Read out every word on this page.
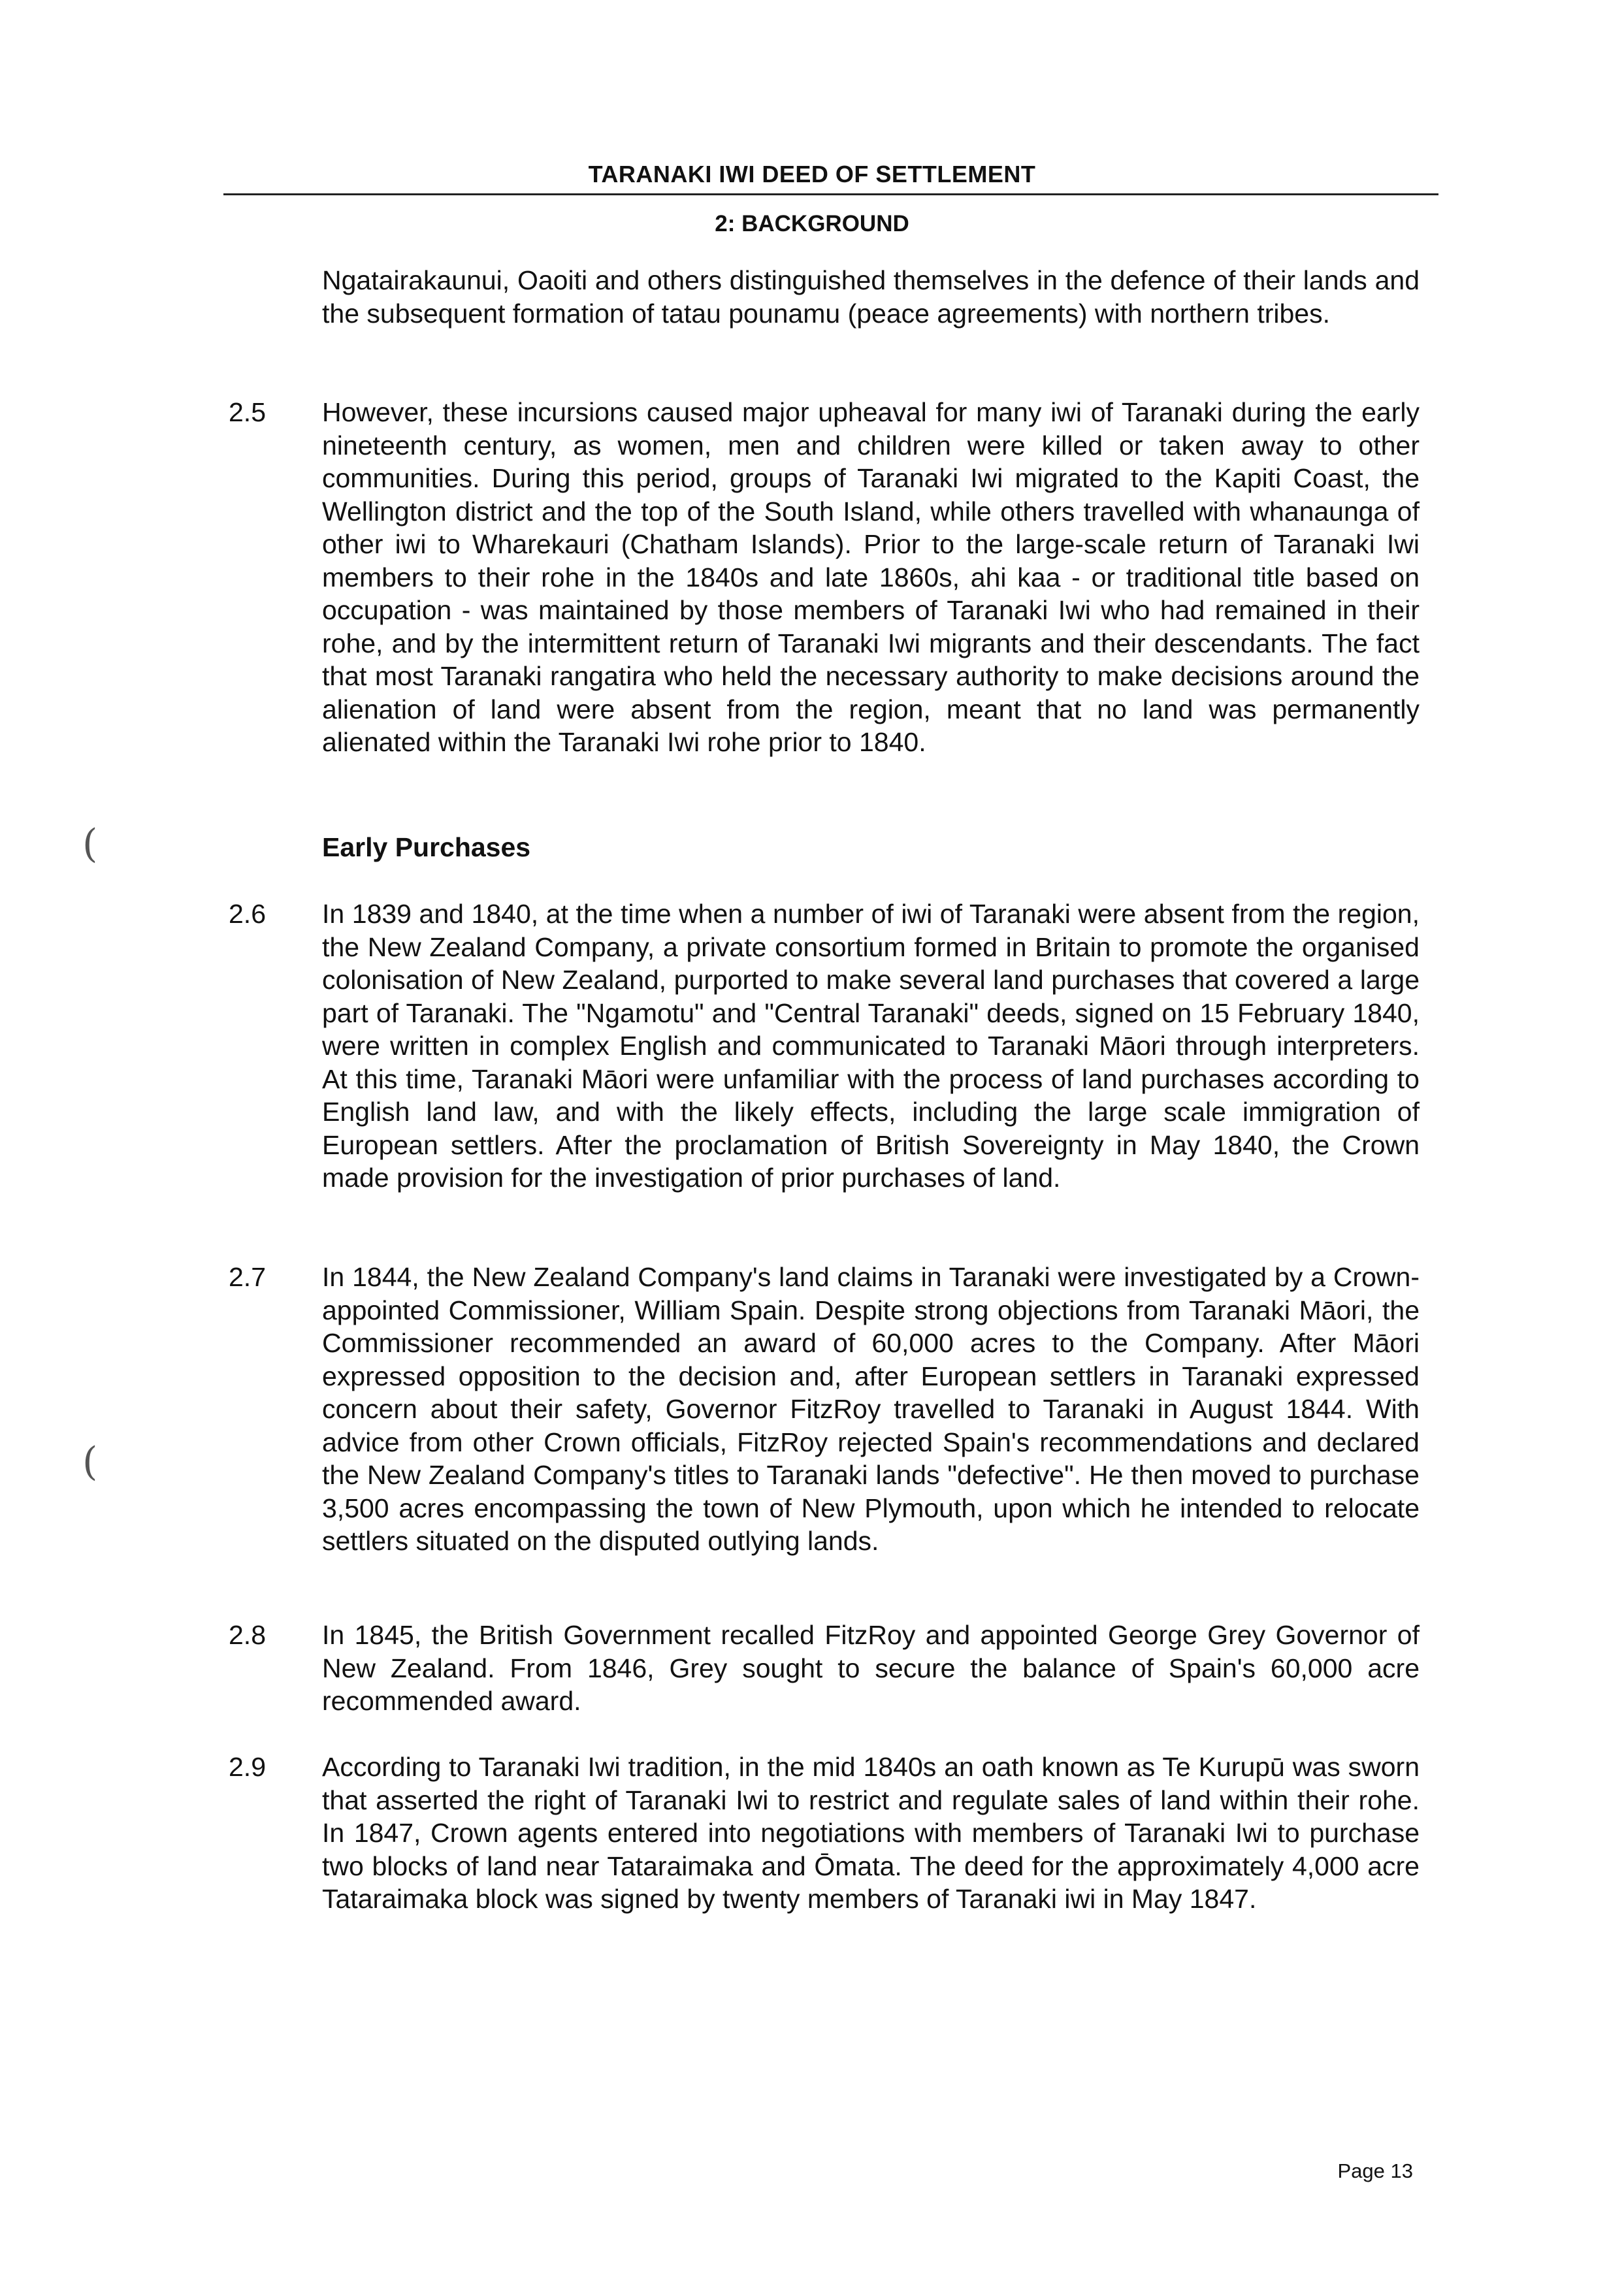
TARANAKI IWI DEED OF SETTLEMENT
2: BACKGROUND
Ngatairakaunui, Oaoiti and others distinguished themselves in the defence of their lands and the subsequent formation of tatau pounamu (peace agreements) with northern tribes.
2.5 However, these incursions caused major upheaval for many iwi of Taranaki during the early nineteenth century, as women, men and children were killed or taken away to other communities. During this period, groups of Taranaki Iwi migrated to the Kapiti Coast, the Wellington district and the top of the South Island, while others travelled with whanaunga of other iwi to Wharekauri (Chatham Islands). Prior to the large-scale return of Taranaki Iwi members to their rohe in the 1840s and late 1860s, ahi kaa - or traditional title based on occupation - was maintained by those members of Taranaki Iwi who had remained in their rohe, and by the intermittent return of Taranaki Iwi migrants and their descendants. The fact that most Taranaki rangatira who held the necessary authority to make decisions around the alienation of land were absent from the region, meant that no land was permanently alienated within the Taranaki Iwi rohe prior to 1840.
(	Early Purchases
2.6 In 1839 and 1840, at the time when a number of iwi of Taranaki were absent from the region, the New Zealand Company, a private consortium formed in Britain to promote the organised colonisation of New Zealand, purported to make several land purchases that covered a large part of Taranaki. The "Ngamotu" and "Central Taranaki" deeds, signed on 15 February 1840, were written in complex English and communicated to Taranaki Māori through interpreters. At this time, Taranaki Māori were unfamiliar with the process of land purchases according to English land law, and with the likely effects, including the large scale immigration of European settlers. After the proclamation of British Sovereignty in May 1840, the Crown made provision for the investigation of prior purchases of land.
(
2.7 In 1844, the New Zealand Company's land claims in Taranaki were investigated by a Crown-appointed Commissioner, William Spain. Despite strong objections from Taranaki Māori, the Commissioner recommended an award of 60,000 acres to the Company. After Māori expressed opposition to the decision and, after European settlers in Taranaki expressed concern about their safety, Governor FitzRoy travelled to Taranaki in August 1844. With advice from other Crown officials, FitzRoy rejected Spain's recommendations and declared the New Zealand Company's titles to Taranaki lands "defective". He then moved to purchase 3,500 acres encompassing the town of New Plymouth, upon which he intended to relocate settlers situated on the disputed outlying lands.
2.8 In 1845, the British Government recalled FitzRoy and appointed George Grey Governor of New Zealand. From 1846, Grey sought to secure the balance of Spain's 60,000 acre recommended award.
2.9 According to Taranaki Iwi tradition, in the mid 1840s an oath known as Te Kurupū was sworn that asserted the right of Taranaki Iwi to restrict and regulate sales of land within their rohe. In 1847, Crown agents entered into negotiations with members of Taranaki Iwi to purchase two blocks of land near Tataraimaka and Ōmata. The deed for the approximately 4,000 acre Tataraimaka block was signed by twenty members of Taranaki iwi in May 1847.
Page 13
